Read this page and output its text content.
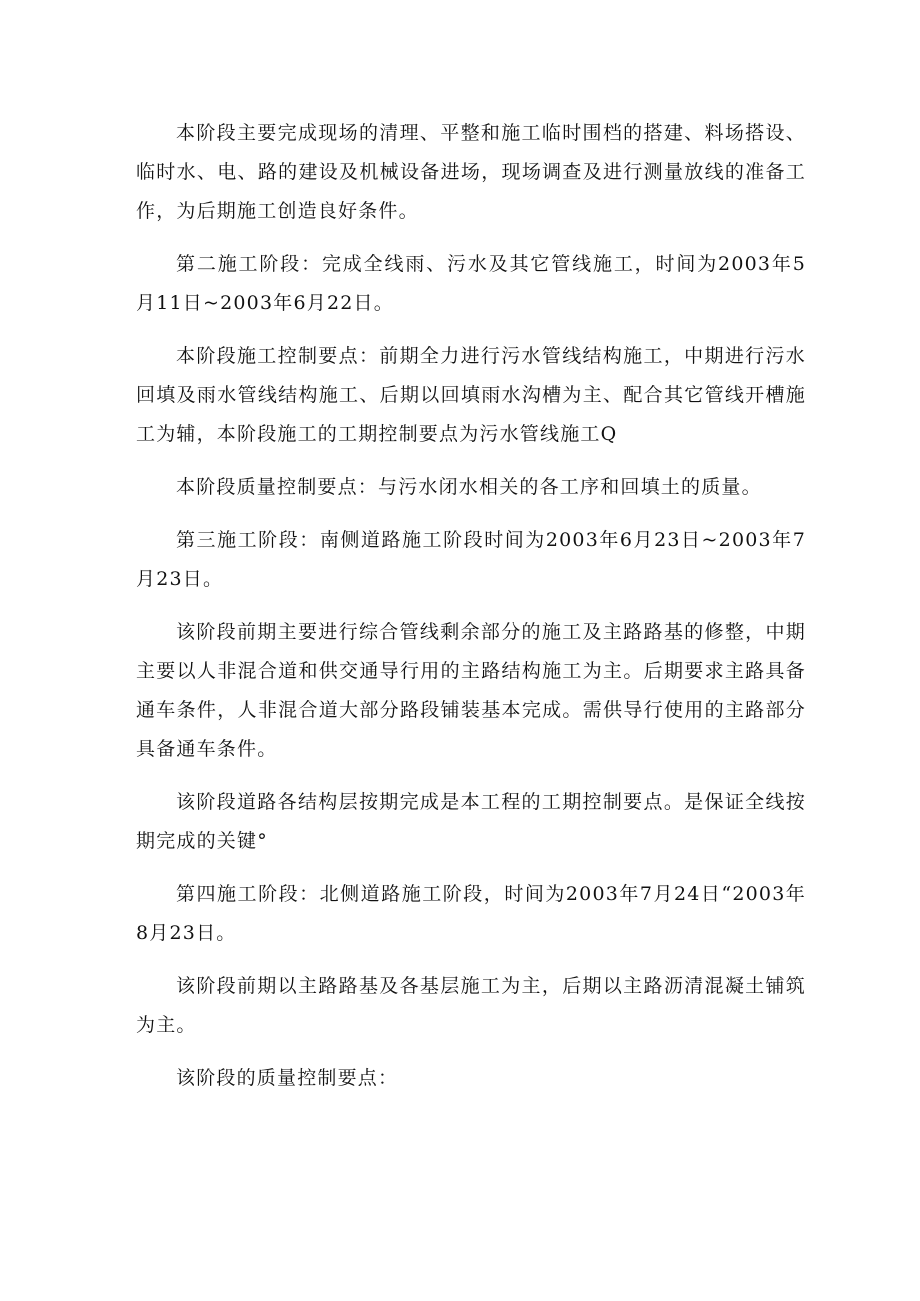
本阶段主要完成现场的清理、平整和施工临时围档的搭建、料场搭设、临时水、电、路的建设及机械设备进场，现场调查及进行测量放线的准备工作，为后期施工创造良好条件。

第二施工阶段：完成全线雨、污水及其它管线施工，时间为2003年5月11日~2003年6月22日。

本阶段施工控制要点：前期全力进行污水管线结构施工，中期进行污水回填及雨水管线结构施工、后期以回填雨水沟槽为主、配合其它管线开槽施工为辅，本阶段施工的工期控制要点为污水管线施工Q

本阶段质量控制要点：与污水闭水相关的各工序和回填土的质量。

第三施工阶段：南侧道路施工阶段时间为2003年6月23日~2003年7月23日。

该阶段前期主要进行综合管线剩余部分的施工及主路路基的修整，中期主要以人非混合道和供交通导行用的主路结构施工为主。后期要求主路具备通车条件，人非混合道大部分路段铺装基本完成。需供导行使用的主路部分具备通车条件。

该阶段道路各结构层按期完成是本工程的工期控制要点。是保证全线按期完成的关键°

第四施工阶段：北侧道路施工阶段，时间为2003年7月24日“2003年8月23日。

该阶段前期以主路路基及各基层施工为主，后期以主路沥清混凝土铺筑为主。

该阶段的质量控制要点：
